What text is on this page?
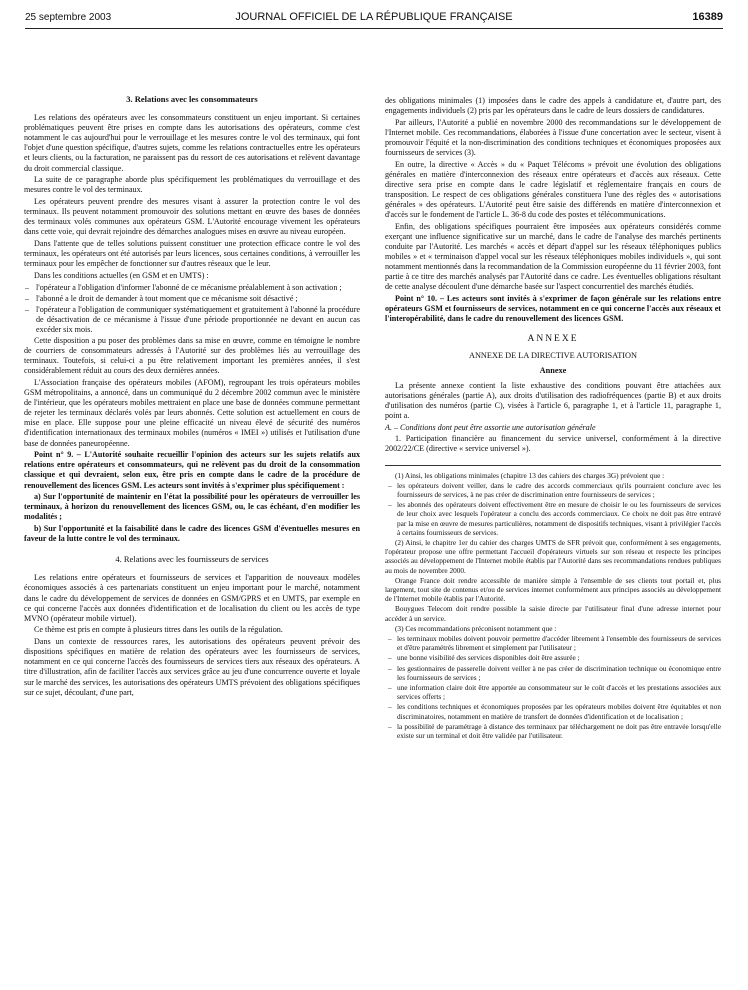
25 septembre 2003	JOURNAL OFFICIEL DE LA RÉPUBLIQUE FRANÇAISE	16389
3. Relations avec les consommateurs

Les relations des opérateurs avec les consommateurs constituent un enjeu important. Si certaines problématiques peuvent être prises en compte dans les autorisations des opérateurs, comme c'est notamment le cas aujourd'hui pour le verrouillage et les mesures contre le vol des terminaux, qui font l'objet d'une question spécifique, d'autres sujets, comme les relations contractuelles entre les opérateurs et leurs clients, ou la facturation, ne paraissent pas du ressort de ces autorisations et relèvent davantage du droit commercial classique.

La suite de ce paragraphe aborde plus spécifiquement les problématiques du verrouillage et des mesures contre le vol des terminaux.

Les opérateurs peuvent prendre des mesures visant à assurer la protection contre le vol des terminaux. Ils peuvent notamment promouvoir des solutions mettant en œuvre des bases de données des terminaux volés communes aux opérateurs GSM. L'Autorité encourage vivement les opérateurs dans cette voie, qui devrait rejoindre des démarches analogues mises en œuvre au niveau européen.

Dans l'attente que de telles solutions puissent constituer une protection efficace contre le vol des terminaux, les opérateurs ont été autorisés par leurs licences, sous certaines conditions, à verrouiller les terminaux pour les empêcher de fonctionner sur d'autres réseaux que le leur.

Dans les conditions actuelles (en GSM et en UMTS) :

– l'opérateur a l'obligation d'informer l'abonné de ce mécanisme préalablement à son activation ;
– l'abonné a le droit de demander à tout moment que ce mécanisme soit désactivé ;
– l'opérateur a l'obligation de communiquer systématiquement et gratuitement à l'abonné la procédure de désactivation de ce mécanisme à l'issue d'une période proportionnée ne devant en aucun cas excéder six mois.

Cette disposition a pu poser des problèmes dans sa mise en œuvre, comme en témoigne le nombre de courriers de consommateurs adressés à l'Autorité sur des problèmes liés au verrouillage des terminaux. Toutefois, si celui-ci a pu être relativement important les premières années, il s'est considérablement réduit au cours des deux dernières années.

L'Association française des opérateurs mobiles (AFOM), regroupant les trois opérateurs mobiles GSM métropolitains, a annoncé, dans un communiqué du 2 décembre 2002 commun avec le ministère de l'intérieur, que les opérateurs mobiles mettraient en place une base de données commune permettant de rejeter les terminaux déclarés volés par leurs abonnés. Cette solution est actuellement en cours de mise en place. Elle suppose pour une pleine efficacité un niveau élevé de sécurité des numéros d'identification internationaux des terminaux mobiles (numéros « IMEI ») utilisés et l'utilisation d'une base de données paneuropéenne.

Point n° 9. – L'Autorité souhaite recueillir l'opinion des acteurs sur les sujets relatifs aux relations entre opérateurs et consommateurs, qui ne relèvent pas du droit de la consommation classique et qui devraient, selon eux, être pris en compte dans le cadre de la procédure de renouvellement des licences GSM. Les acteurs sont invités à s'exprimer plus spécifiquement :

a) Sur l'opportunité de maintenir en l'état la possibilité pour les opérateurs de verrouiller les terminaux, à horizon du renouvellement des licences GSM, ou, le cas échéant, d'en modifier les modalités ;

b) Sur l'opportunité et la faisabilité dans le cadre des licences GSM d'éventuelles mesures en faveur de la lutte contre le vol des terminaux.

4. Relations avec les fournisseurs de services

Les relations entre opérateurs et fournisseurs de services et l'apparition de nouveaux modèles économiques associés à ces partenariats constituent un enjeu important pour le marché, notamment dans le cadre du développement de services de données en GSM/GPRS et en UMTS, par exemple en ce qui concerne l'accès aux données d'identification et de localisation du client ou les accès de type MVNO (opérateur mobile virtuel).

Ce thème est pris en compte à plusieurs titres dans les outils de la régulation.

Dans un contexte de ressources rares, les autorisations des opérateurs peuvent prévoir des dispositions spécifiques en matière de relation des opérateurs avec les fournisseurs de services, notamment en ce qui concerne l'accès des fournisseurs de services tiers aux réseaux des opérateurs. A titre d'illustration, afin de faciliter l'accès aux services grâce au jeu d'une concurrence ouverte et loyale sur le marché des services, les autorisations des opérateurs UMTS prévoient des obligations spécifiques sur ce sujet, découlant, d'une part,

des obligations minimales (1) imposées dans le cadre des appels à candidature et, d'autre part, des engagements individuels (2) pris par les opérateurs dans le cadre de leurs dossiers de candidatures.

Par ailleurs, l'Autorité a publié en novembre 2000 des recommandations sur le développement de l'Internet mobile. Ces recommandations, élaborées à l'issue d'une concertation avec le secteur, visent à promouvoir l'équité et la non-discrimination des conditions techniques et économiques proposées aux fournisseurs de services (3).

En outre, la directive « Accès » du « Paquet Télécoms » prévoit une évolution des obligations générales en matière d'interconnexion des réseaux entre opérateurs et d'accès aux réseaux. Cette directive sera prise en compte dans le cadre législatif et réglementaire français en cours de transposition. Le respect de ces obligations générales constituera l'une des règles des « autorisations générales » des opérateurs. L'Autorité peut être saisie des différends en matière d'interconnexion et d'accès sur le fondement de l'article L. 36-8 du code des postes et télécommunications.

Enfin, des obligations spécifiques pourraient être imposées aux opérateurs considérés comme exerçant une influence significative sur un marché, dans le cadre de l'analyse des marchés pertinents conduite par l'Autorité. Les marchés « accès et départ d'appel sur les réseaux téléphoniques publics mobiles » et « terminaison d'appel vocal sur les réseaux téléphoniques mobiles individuels », qui sont notamment mentionnés dans la recommandation de la Commission européenne du 11 février 2003, font partie à ce titre des marchés analysés par l'Autorité dans ce cadre. Les éventuelles obligations résultant de cette analyse découlent d'une démarche basée sur l'aspect concurrentiel des marchés étudiés.

Point n° 10. – Les acteurs sont invités à s'exprimer de façon générale sur les relations entre opérateurs GSM et fournisseurs de services, notamment en ce qui concerne l'accès aux réseaux et l'interopérabilité, dans le cadre du renouvellement des licences GSM.

ANNEXE
ANNEXE DE LA DIRECTIVE AUTORISATION
Annexe

La présente annexe contient la liste exhaustive des conditions pouvant être attachées aux autorisations générales (partie A), aux droits d'utilisation des radiofréquences (partie B) et aux droits d'utilisation des numéros (partie C), visées à l'article 6, paragraphe 1, et à l'article 11, paragraphe 1, point a.

A. – Conditions dont peut être assortie une autorisation générale

1. Participation financière au financement du service universel, conformément à la directive 2002/22/CE (directive « service universel »).

(1) Ainsi, les obligations minimales (chapitre 13 des cahiers des charges 3G) prévoient que :

– les opérateurs doivent veiller, dans le cadre des accords commerciaux qu'ils pourraient conclure avec les fournisseurs de services, à ne pas créer de discrimination entre fournisseurs de services ;
– les abonnés des opérateurs doivent effectivement être en mesure de choisir le ou les fournisseurs de services de leur choix avec lesquels l'opérateur a conclu des accords commerciaux. Ce choix ne doit pas être entravé par la mise en œuvre de mesures particulières, notamment de dispositifs techniques, visant à privilégier l'accès à certains fournisseurs de services.

(2) Ainsi, le chapitre 1er du cahier des charges UMTS de SFR prévoit que, conformément à ses engagements, l'opérateur propose une offre permettant l'accueil d'opérateurs virtuels sur son réseau et respecte les principes associés au développement de l'Internet mobile établis par l'Autorité dans ses recommandations rendues publiques au mois de novembre 2000.

Orange France doit rendre accessible de manière simple à l'ensemble de ses clients tout portail et, plus largement, tout site de contenus et/ou de services internet conformément aux principes associés au développement de l'Internet mobile établis par l'Autorité.

Bouygues Telecom doit rendre possible la saisie directe par l'utilisateur final d'une adresse internet pour accéder à un service.

(3) Ces recommandations préconisent notamment que :

– les terminaux mobiles doivent pouvoir permettre d'accéder librement à l'ensemble des fournisseurs de services et d'être paramétrés librement et simplement par l'utilisateur ;
– une bonne visibilité des services disponibles doit être assurée ;
– les gestionnaires de passerelle doivent veiller à ne pas créer de discrimination technique ou économique entre les fournisseurs de services ;
– une information claire doit être apportée au consommateur sur le coût d'accès et les prestations associées aux services offerts ;
– les conditions techniques et économiques proposées par les opérateurs mobiles doivent être équitables et non discriminatoires, notamment en matière de transfert de données d'identification et de localisation ;
– la possibilité de paramétrage à distance des terminaux par téléchargement ne doit pas être entravée lorsqu'elle existe sur un terminal et doit être validée par l'utilisateur.
